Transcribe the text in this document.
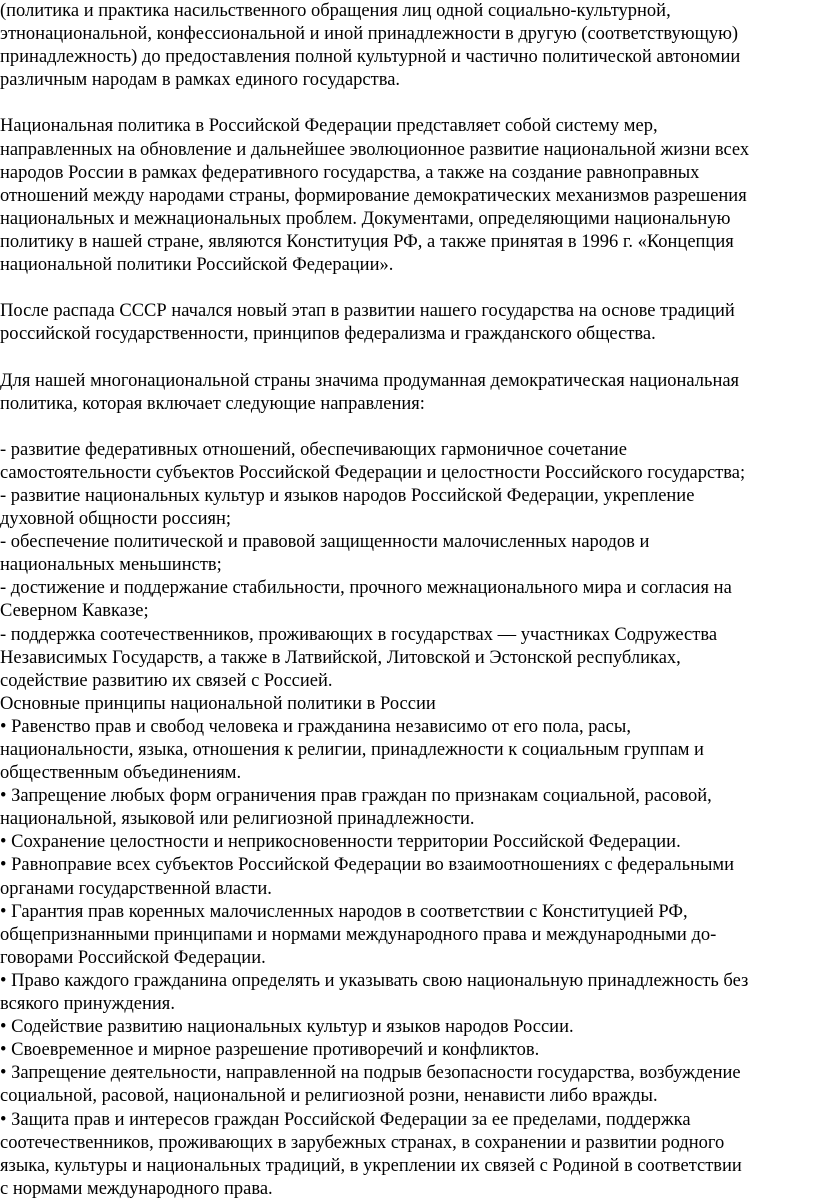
(политика и практика насильственного обращения лиц одной социально-культурной,
этнонациональной, конфессиональной и иной принадлежности в другую (соответствующую)
принадлежность) до предоставления полной культурной и частично политической автономии
различным народам в рамках единого государства.
Национальная политика в Российской Федерации представляет собой систему мер,
направленных на обновление и дальнейшее эволюционное развитие национальной жизни всех
народов России в рамках федеративного государства, а также на создание равноправных
отношений между народами страны, формирование демократических механизмов разрешения
национальных и межнациональных проблем. Документами, определяющими национальную
политику в нашей стране, являются Конституция РФ, а также принятая в 1996 г. «Концепция
национальной политики Российской Федерации».
После распада СССР начался новый этап в развитии нашего государства на основе традиций
российской государственности, принципов федерализма и гражданского общества.
Для нашей многонациональной страны значима продуманная демократическая национальная
политика, которая включает следующие направления:
- развитие федеративных отношений, обеспечивающих гармоничное сочетание
самостоятельности субъектов Российской Федерации и целостности Российского государства;
- развитие национальных культур и языков народов Российской Федерации, укрепление
духовной общности россиян;
- обеспечение политической и правовой защищенности малочисленных народов и
национальных меньшинств;
- достижение и поддержание стабильности, прочного межнационального мира и согласия на
Северном Кавказе;
- поддержка соотечественников, проживающих в государствах — участниках Содружества
Независимых Государств, а также в Латвийской, Литовской и Эстонской республиках,
содействие развитию их связей с Россией.
Основные принципы национальной политики в России
• Равенство прав и свобод человека и гражданина независимо от его пола, расы,
национальности, языка, отношения к религии, принадлежности к социальным группам и
общественным объединениям.
• Запрещение любых форм ограничения прав граждан по признакам социальной, расовой,
национальной, языковой или религиозной принадлежности.
• Сохранение целостности и неприкосновенности территории Российской Федерации.
• Равноправие всех субъектов Российской Федерации во взаимоотношениях с федеральными
органами государственной власти.
• Гарантия прав коренных малочисленных народов в соответствии с Конституцией РФ,
общепризнанными принципами и нормами международного права и международными до-
говорами Российской Федерации.
• Право каждого гражданина определять и указывать свою национальную принадлежность без
всякого принуждения.
• Содействие развитию национальных культур и языков народов России.
• Своевременное и мирное разрешение противоречий и конфликтов.
• Запрещение деятельности, направленной на подрыв безопасности государства, возбуждение
социальной, расовой, национальной и религиозной розни, ненависти либо вражды.
• Защита прав и интересов граждан Российской Федерации за ее пределами, поддержка
соотечественников, проживающих в зарубежных странах, в сохранении и развитии родного
языка, культуры и национальных традиций, в укреплении их связей с Родиной в соответствии
с нормами международного права.
